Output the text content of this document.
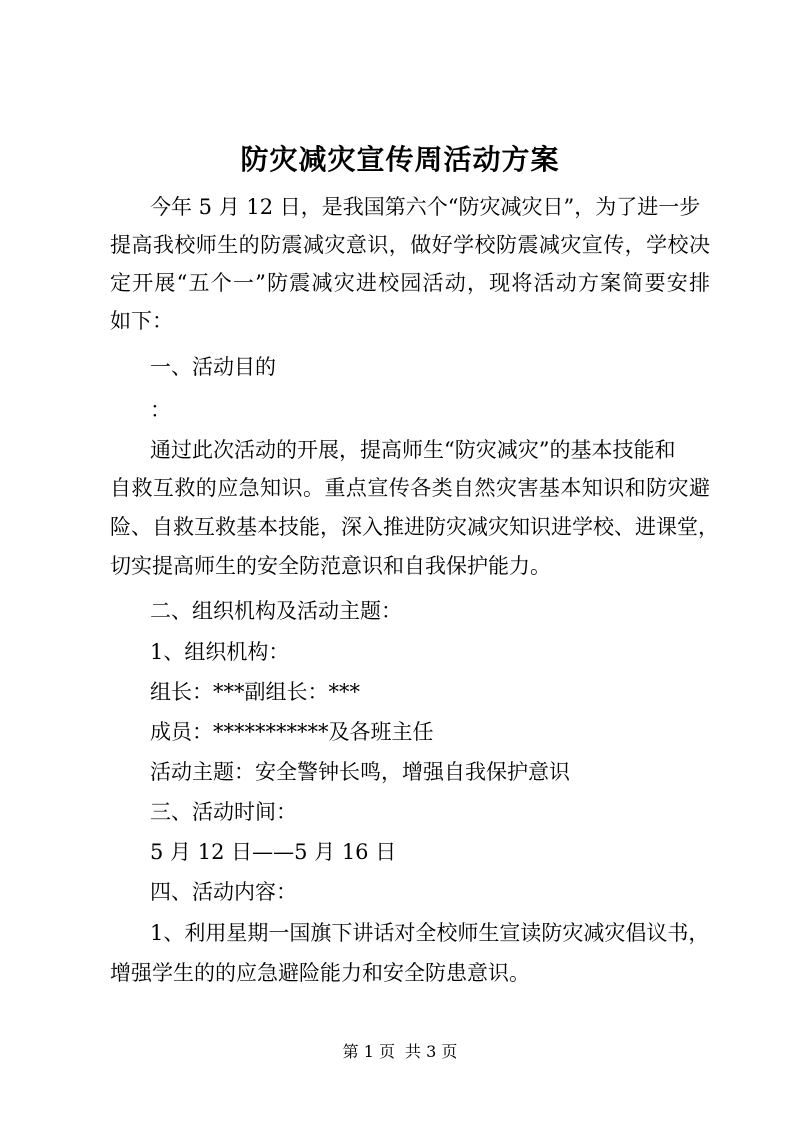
防灾减灾宣传周活动方案
今年 5 月 12 日，是我国第六个“防灾减灾日”，为了进一步
提高我校师生的防震减灾意识，做好学校防震减灾宣传，学校决
定开展“五个一”防震减灾进校园活动，现将活动方案简要安排
如下：
一、活动目的
：
通过此次活动的开展，提高师生“防灾减灾”的基本技能和
自救互救的应急知识。重点宣传各类自然灾害基本知识和防灾避
险、自救互救基本技能，深入推进防灾减灾知识进学校、进课堂，
切实提高师生的安全防范意识和自我保护能力。
二、组织机构及活动主题：
1、组织机构：
组长：***副组长：***
成员：***********及各班主任
活动主题：安全警钟长鸣，增强自我保护意识
三、活动时间：
5 月 12 日——5 月 16 日
四、活动内容：
1、利用星期一国旗下讲话对全校师生宣读防灾减灾倡议书，
增强学生的的应急避险能力和安全防患意识。
第 1 页 共 3 页
